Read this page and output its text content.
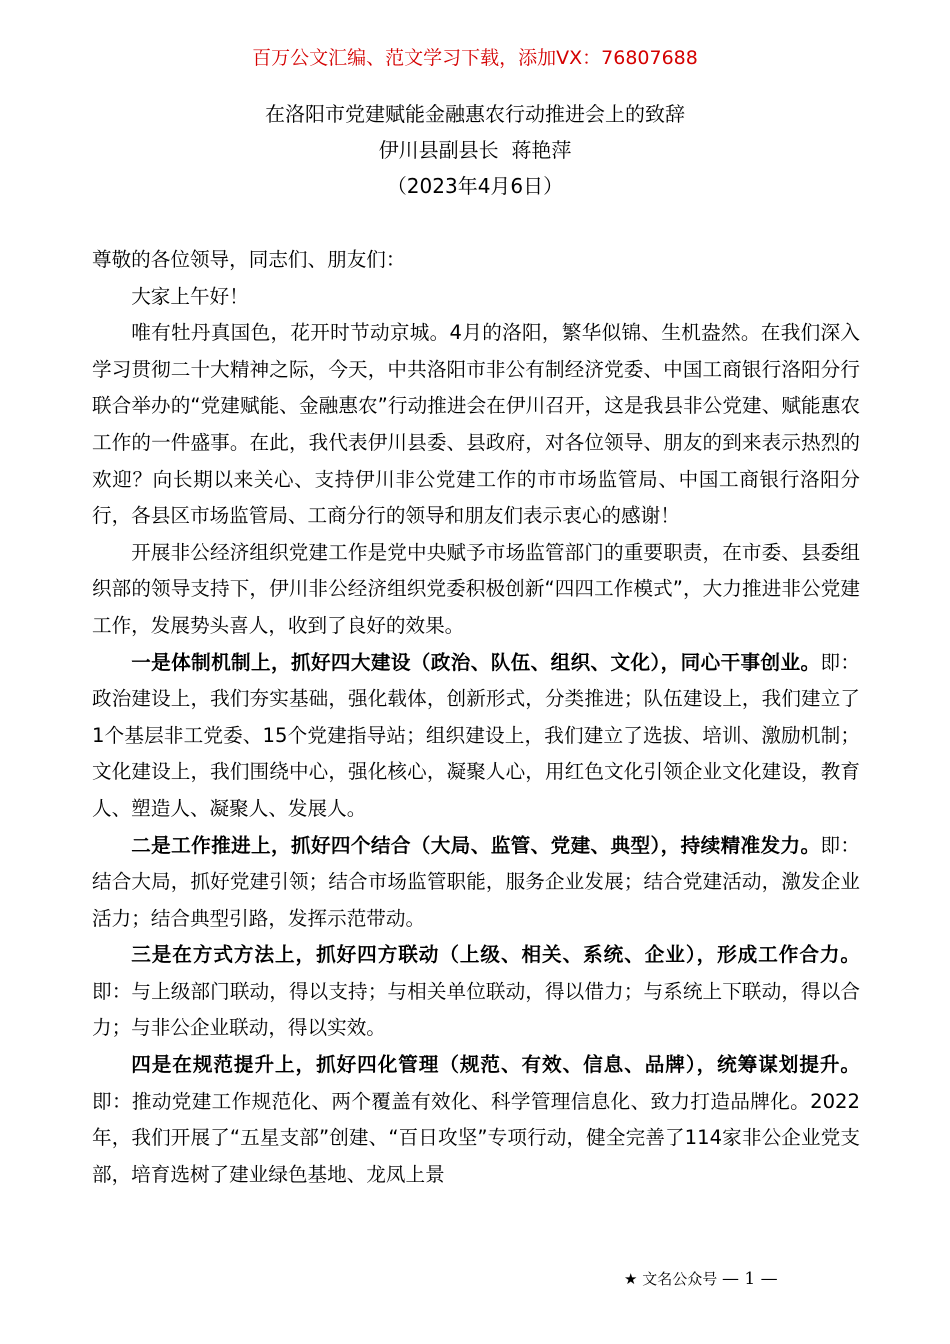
百万公文汇编、范文学习下载，添加VX：76807688
在洛阳市党建赋能金融惠农行动推进会上的致辞
伊川县副县长  蒋艳萍
（2023年4月6日）

尊敬的各位领导，同志们、朋友们：

大家上午好！

唯有牡丹真国色，花开时节动京城。4月的洛阳，繁华似锦、生机盎然。在我们深入学习贯彻二十大精神之际，今天，中共洛阳市非公有制经济党委、中国工商银行洛阳分行联合举办的“党建赋能、金融惠农”行动推进会在伊川召开，这是我县非公党建、赋能惠农工作的一件盛事。在此，我代表伊川县委、县政府，对各位领导、朋友的到来表示热烈的欢迎？向长期以来关心、支持伊川非公党建工作的市市场监管局、中国工商银行洛阳分行，各县区市场监管局、工商分行的领导和朋友们表示衷心的感谢！

开展非公经济组织党建工作是党中央赋予市场监管部门的重要职责，在市委、县委组织部的领导支持下，伊川非公经济组织党委积极创新“四四工作模式”，大力推进非公党建工作，发展势头喜人，收到了良好的效果。

一是体制机制上，抓好四大建设（政治、队伍、组织、文化），同心干事创业。即：政治建设上，我们夯实基础，强化载体，创新形式，分类推进；队伍建设上，我们建立了1个基层非工党委、15个党建指导站；组织建设上，我们建立了选拔、培训、激励机制；文化建设上，我们围绕中心，强化核心，凝聚人心，用红色文化引领企业文化建设，教育人、塑造人、凝聚人、发展人。

二是工作推进上，抓好四个结合（大局、监管、党建、典型），持续精准发力。即：结合大局，抓好党建引领；结合市场监管职能，服务企业发展；结合党建活动，激发企业活力；结合典型引路，发挥示范带动。

三是在方式方法上，抓好四方联动（上级、相关、系统、企业），形成工作合力。即：与上级部门联动，得以支持；与相关单位联动，得以借力；与系统上下联动，得以合力；与非公企业联动，得以实效。

四是在规范提升上，抓好四化管理（规范、有效、信息、品牌），统筹谋划提升。即：推动党建工作规范化、两个覆盖有效化、科学管理信息化、致力打造品牌化。2022年，我们开展了“五星支部”创建、“百日攻坚”专项行动，健全完善了114家非公企业党支部，培育选树了建业绿色基地、龙凤上景

★ 文名公众号 — 1 —
